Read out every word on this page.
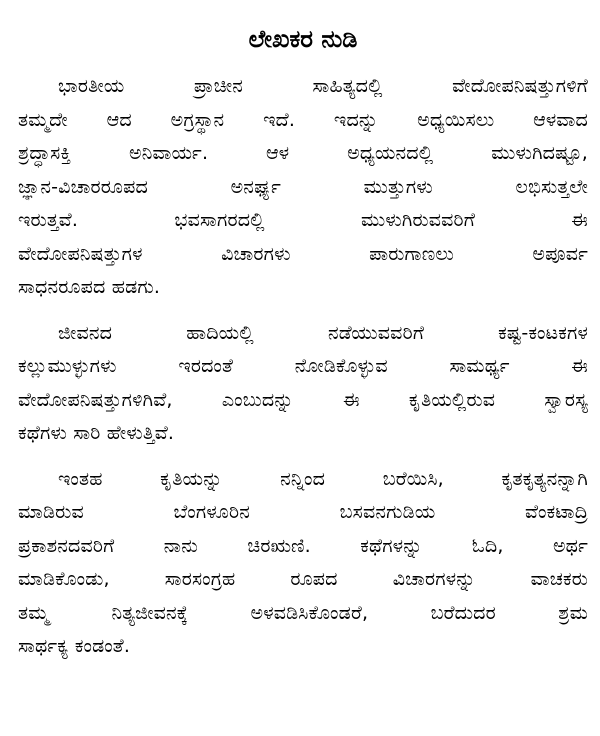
ಲೇಖಕರ ನುಡಿ
ಭಾರತೀಯ ಪ್ರಾಚೀನ ಸಾಹಿತ್ಯದಲ್ಲಿ ವೇದೋಪನಿಷತ್ತುಗಳಿಗೆ
ತಮ್ಮದೇ ಆದ ಅಗ್ರಸ್ಥಾನ ಇದೆ. ಇದನ್ನು ಅಧ್ಯಯಿಸಲು ಆಳವಾದ
ಶ್ರದ್ಧಾಸಕ್ತಿ ಅನಿವಾರ್ಯ. ಆಳ ಅಧ್ಯಯನದಲ್ಲಿ ಮುಳುಗಿದಷ್ಟೂ,
ಜ್ಞಾನ-ವಿಚಾರರೂಪದ ಅನರ್ಘ್ಯ ಮುತ್ತುಗಳು ಲಭಿಸುತ್ತಲೇ
ಇರುತ್ತವೆ. ಭವಸಾಗರದಲ್ಲಿ ಮುಳುಗಿರುವವರಿಗೆ ಈ
ವೇದೋಪನಿಷತ್ತುಗಳ ವಿಚಾರಗಳು ಪಾರುಗಾಣಲು ಅಪೂರ್ವ
ಸಾಧನರೂಪದ ಹಡಗು.
ಜೀವನದ ಹಾದಿಯಲ್ಲಿ ನಡೆಯುವವರಿಗೆ ಕಷ್ಟ-ಕಂಟಕಗಳ
ಕಲ್ಲುಮುಳ್ಳುಗಳು ಇರದಂತೆ ನೋಡಿಕೊಳ್ಳುವ ಸಾಮರ್ಥ್ಯ ಈ
ವೇದೋಪನಿಷತ್ತುಗಳಿಗಿವೆ, ಎಂಬುದನ್ನು ಈ ಕೃತಿಯಲ್ಲಿರುವ ಸ್ವಾರಸ್ಯ
ಕಥೆಗಳು ಸಾರಿ ಹೇಳುತ್ತಿವೆ.
ಇಂತಹ ಕೃತಿಯನ್ನು ನನ್ನಿಂದ ಬರೆಯಿಸಿ, ಕೃತಕೃತ್ಯನನ್ನಾಗಿ
ಮಾಡಿರುವ ಬೆಂಗಳೂರಿನ ಬಸವನಗುಡಿಯ ವೆಂಕಟಾದ್ರಿ
ಪ್ರಕಾಶನದವರಿಗೆ ನಾನು ಚಿರಋಣಿ. ಕಥೆಗಳನ್ನು ಓದಿ, ಅರ್ಥ
ಮಾಡಿಕೊಂಡು, ಸಾರಸಂಗ್ರಹ ರೂಪದ ವಿಚಾರಗಳನ್ನು ವಾಚಕರು
ತಮ್ಮ ನಿತ್ಯಜೀವನಕ್ಕೆ ಅಳವಡಿಸಿಕೊಂಡರೆ, ಬರೆದುದರ ಶ್ರಮ
ಸಾರ್ಥಕ್ಯ ಕಂಡಂತೆ.
